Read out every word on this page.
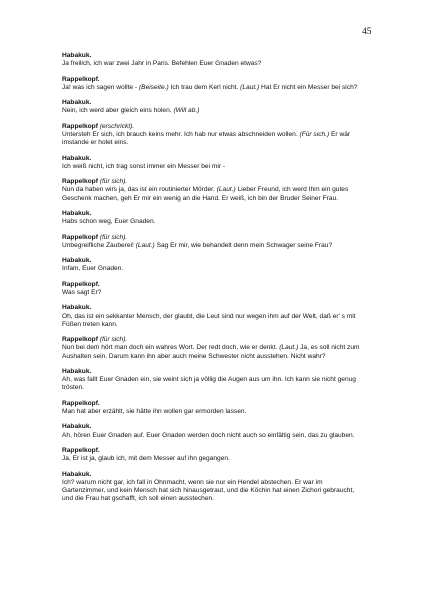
45
Habakuk.
Ja freilich, ich war zwei Jahr in Paris. Befehlen Euer Gnaden etwas?
Rappelkopf.
Ja! was ich sagen wollte - (Beiseite.) Ich trau dem Kerl nicht. (Laut.) Hat Er nicht ein Messer bei sich?
Habakuk.
Nein, ich werd aber gleich eins holen. (Will ab.)
Rappelkopf (erschrickt).
Untersteh Er sich, ich brauch keins mehr. Ich hab nur etwas abschneiden wollen. (Für sich.) Er wär
imstande er holet eins.
Habakuk.
Ich weiß nicht, ich trag sonst immer ein Messer bei mir -
Rappelkopf (für sich).
Nun da haben wirs ja, das ist ein routinierter Mörder. (Laut.) Lieber Freund, ich werd Ihm ein gutes
Geschenk machen, geh Er mir ein wenig an die Hand. Er weiß, ich bin der Bruder Seiner Frau.
Habakuk.
Habs schon weg, Euer Gnaden.
Rappelkopf (für sich).
Unbegreifliche Zauberei! (Laut.) Sag Er mir, wie behandelt denn mein Schwager seine Frau?
Habakuk.
Infam, Euer Gnaden.
Rappelkopf.
Was sagt Er?
Habakuk.
Oh, das ist ein sekkanter Mensch, der glaubt, die Leut sind nur wegen ihm auf der Welt, daß er' s mit
Füßen treten kann.
Rappelkopf (für sich).
Nun bei dem hört man doch ein wahres Wort. Der redt doch, wie er denkt. (Laut.) Ja, es soll nicht zum
Aushalten sein. Darum kann ihn aber auch meine Schwester nicht ausstehen. Nicht wahr?
Habakuk.
Ah, was fallt Euer Gnaden ein, sie weint sich ja völlig die Augen aus um ihn. Ich kann sie nicht genug
trösten.
Rappelkopf.
Man hat aber erzählt, sie hätte ihn wollen gar ermorden lassen.
Habakuk.
Ah, hören Euer Gnaden auf. Euer Gnaden werden doch nicht auch so einfältig sein, das zu glauben.
Rappelkopf.
Ja, Er ist ja, glaub ich, mit dem Messer auf ihn gegangen.
Habakuk.
Ich? warum nicht gar, ich fall in Ohnmacht, wenn sie nur ein Hendel abstechen. Er war im
Gartenzimmer, und kein Mensch hat sich hinausgetraut, und die Köchin hat einen Zichori gebraucht,
und die Frau hat gschafft, ich soll einen ausstechen.
